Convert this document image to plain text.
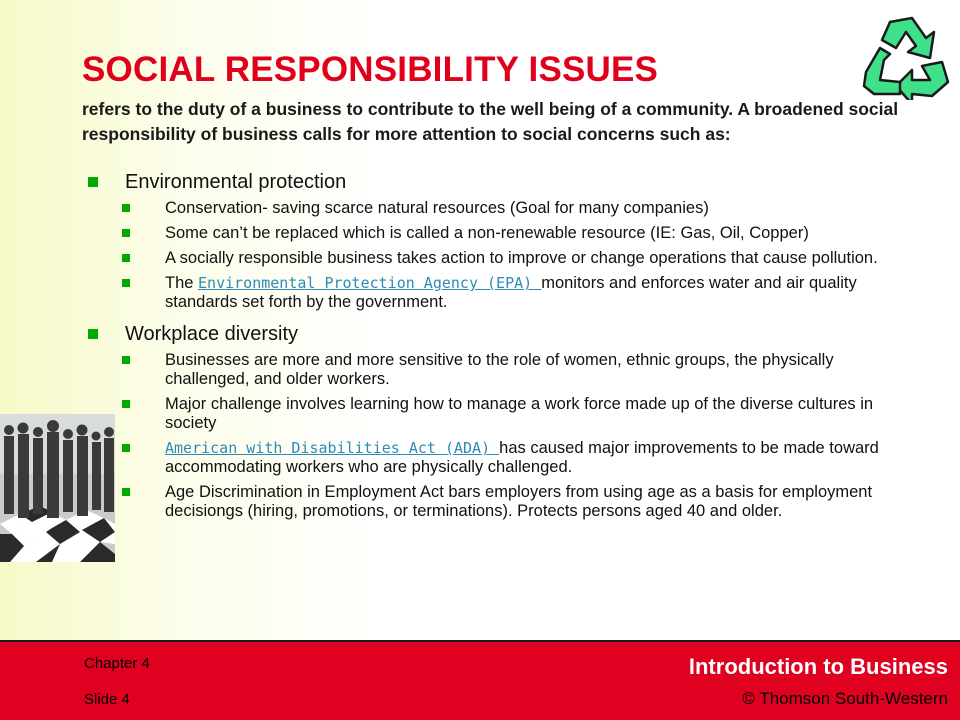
SOCIAL RESPONSIBILITY ISSUES

refers to the duty of a business to contribute to the well being of a community. A broadened social responsibility of business calls for more attention to social concerns such as:

Environmental protection
Conservation- saving scarce natural resources (Goal for many companies)
Some can’t be replaced which is called a non-renewable resource (IE: Gas, Oil, Copper)
A socially responsible business takes action to improve or change operations that cause pollution.
The Environmental Protection Agency (EPA) monitors and enforces water and air quality standards set forth by the government.
Workplace diversity
Businesses are more and more sensitive to the role of women, ethnic groups, the physically challenged, and older workers.
Major challenge involves learning how to manage a work force made up of the diverse cultures in society
American with Disabilities Act (ADA) has caused major improvements to be made toward accommodating workers who are physically challenged.
Age Discrimination in Employment Act bars employers from using age as a basis for employment decisiongs (hiring, promotions, or terminations). Protects persons aged 40 and older.
Chapter 4
Slide 4
Introduction to Business
© Thomson South-Western
